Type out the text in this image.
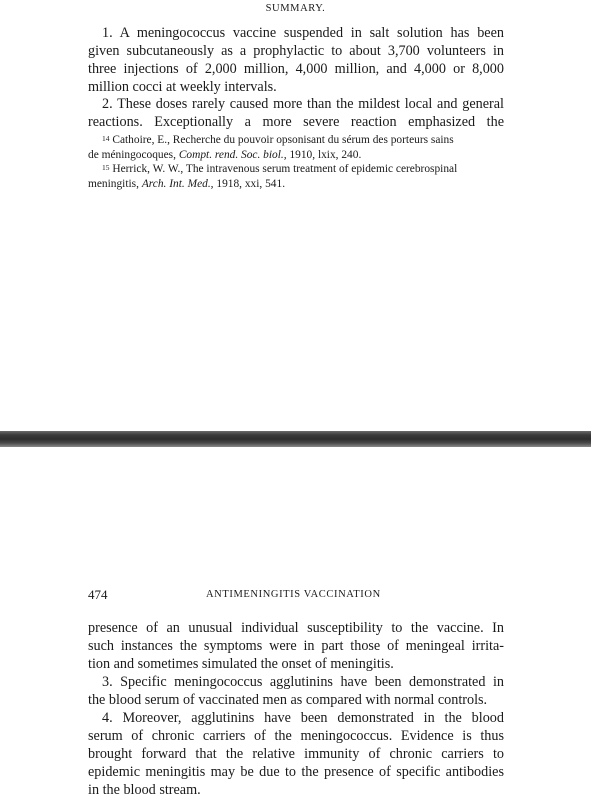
SUMMARY.
1. A meningococcus vaccine suspended in salt solution has been
given subcutaneously as a prophylactic to about 3,700 volunteers in
three injections of 2,000 million, 4,000 million, and 4,000 or 8,000
million cocci at weekly intervals.
2. These doses rarely caused more than the mildest local and general
reactions. Exceptionally a more severe reaction emphasized the
$^{14}$ Cathoire, E., Recherche du pouvoir opsonisant du sérum des porteurs sains
de méningocoques, Compt. rend. Soc. biol., 1910, lxix, 240.
$^{15}$ Herrick, W. W., The intravenous serum treatment of epidemic cerebrospinal
meningitis, Arch. Int. Med., 1918, xxi, 541.
474	ANTIMENINGITIS VACCINATION
presence of an unusual individual susceptibility to the vaccine. In
such instances the symptoms were in part those of meningeal irrita-
tion and sometimes simulated the onset of meningitis.
3. Specific meningococcus agglutinins have been demonstrated in
the blood serum of vaccinated men as compared with normal controls.
4. Moreover, agglutinins have been demonstrated in the blood
serum of chronic carriers of the meningococcus. Evidence is thus
brought forward that the relative immunity of chronic carriers to
epidemic meningitis may be due to the presence of specific antibodies
in the blood stream.
